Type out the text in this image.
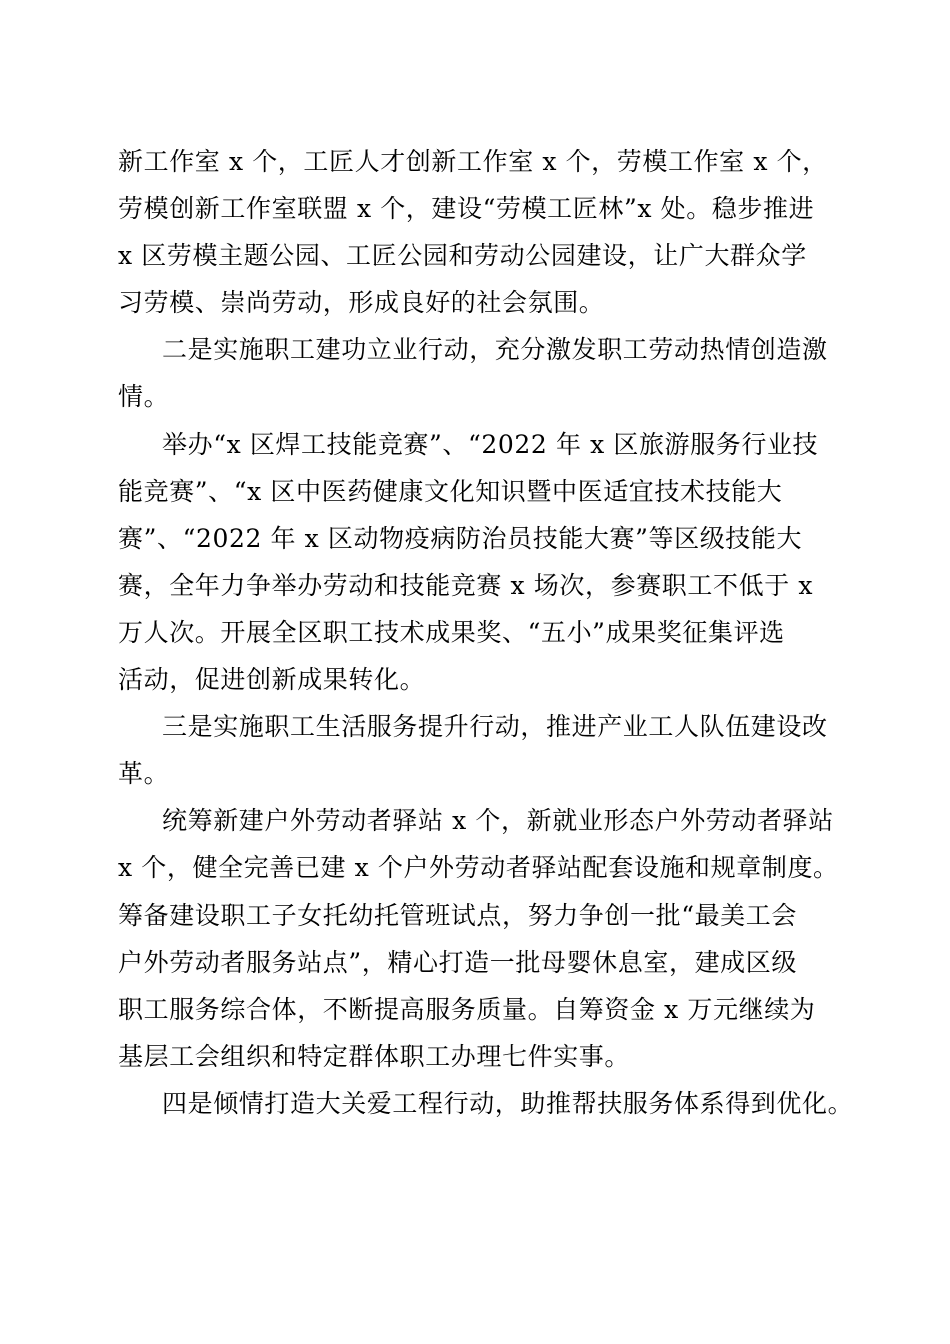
新工作室 x 个，工匠人才创新工作室 x 个，劳模工作室 x 个，
劳模创新工作室联盟 x 个，建设“劳模工匠林”x 处。稳步推进
x 区劳模主题公园、工匠公园和劳动公园建设，让广大群众学
习劳模、崇尚劳动，形成良好的社会氛围。
二是实施职工建功立业行动，充分激发职工劳动热情创造激
情。
举办“x 区焊工技能竞赛”、“2022 年 x 区旅游服务行业技
能竞赛”、“x 区中医药健康文化知识暨中医适宜技术技能大
赛”、“2022 年 x 区动物疫病防治员技能大赛”等区级技能大
赛，全年力争举办劳动和技能竞赛 x 场次，参赛职工不低于 x
万人次。开展全区职工技术成果奖、“五小”成果奖征集评选
活动，促进创新成果转化。
三是实施职工生活服务提升行动，推进产业工人队伍建设改
革。
统筹新建户外劳动者驿站 x 个，新就业形态户外劳动者驿站
x 个，健全完善已建 x 个户外劳动者驿站配套设施和规章制度。
筹备建设职工子女托幼托管班试点，努力争创一批“最美工会
户外劳动者服务站点”，精心打造一批母婴休息室，建成区级
职工服务综合体，不断提高服务质量。自筹资金 x 万元继续为
基层工会组织和特定群体职工办理七件实事。
四是倾情打造大关爱工程行动，助推帮扶服务体系得到优化。
